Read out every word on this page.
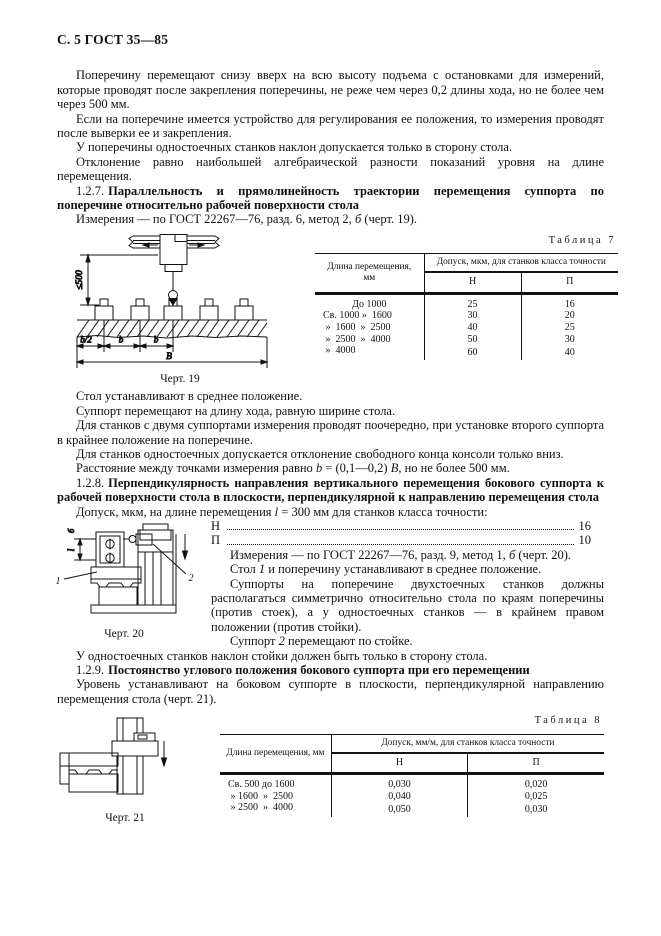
С. 5 ГОСТ 35—85

Поперечину перемещают снизу вверх на всю высоту подъема с остановками для измерений, которые проводят после закрепления поперечины, не реже чем через 0,2 длины хода, но не более чем через 500 мм.

Если на поперечине имеется устройство для регулирования ее положения, то измерения проводят после выверки ее и закрепления.

У поперечины одностоечных станков наклон допускается только в сторону стола.

Отклонение равно наибольшей алгебраической разности показаний уровня на длине перемещения.

1.2.7. Параллельность и прямолинейность траектории перемещения суппорта по поперечине относительно рабочей поверхности стола

Измерения — по ГОСТ 22267—76, разд. 6, метод 2, б (черт. 19).

≤500
b/2	b	b
В
Черт. 19
Таблица 7
Длина перемещения, мм	Допуск, мкм, для станков класса точности	
	Н	П
До 1000	25	16
Св. 1000 »  1600	30	20
»  1600  »  2500	40	25
»  2500  »  4000	50	30
»  4000	60	40

Стол устанавливают в среднее положение.

Суппорт перемещают на длину хода, равную ширине стола.

Для станков с двумя суппортами измерения проводят поочередно, при установке второго суппорта в крайнее положение на поперечине.

Для станков одностоечных допускается отклонение свободного конца консоли только вниз.

Расстояние между точками измерения равно b = (0,1—0,2) В, но не более 500 мм.

1.2.8. Перпендикулярность направления вертикального перемещения бокового суппорта к рабочей поверхности стола в плоскости, перпендикулярной к направлению перемещения стола

Допуск, мкм, на длине перемещения l = 300 мм для станков класса точности:

б
l
1	2
Черт. 20
Н	16
П	10

Измерения — по ГОСТ 22267—76, разд. 9, метод 1, б (черт. 20).

Стол 1 и поперечину устанавливают в среднее положение.

Суппорты на поперечине двухстоечных станков должны располагаться симметрично относительно стола по краям поперечины (против стоек), а у одностоечных станков — в крайнем правом положении (против стойки).

Суппорт 2 перемещают по стойке.

У одностоечных станков наклон стойки должен быть только в сторону стола.

1.2.9. Постоянство углового положения бокового суппорта при его перемещении

Уровень устанавливают на боковом суппорте в плоскости, перпендикулярной направлению перемещения стола (черт. 21).

Черт. 21
Таблица 8
Длина перемещения, мм	Допуск, мм/м, для станков класса точности	
	Н	П
Св. 500 до 1600	0,030	0,020
» 1600  »  2500	0,040	0,025
» 2500  »  4000	0,050	0,030
